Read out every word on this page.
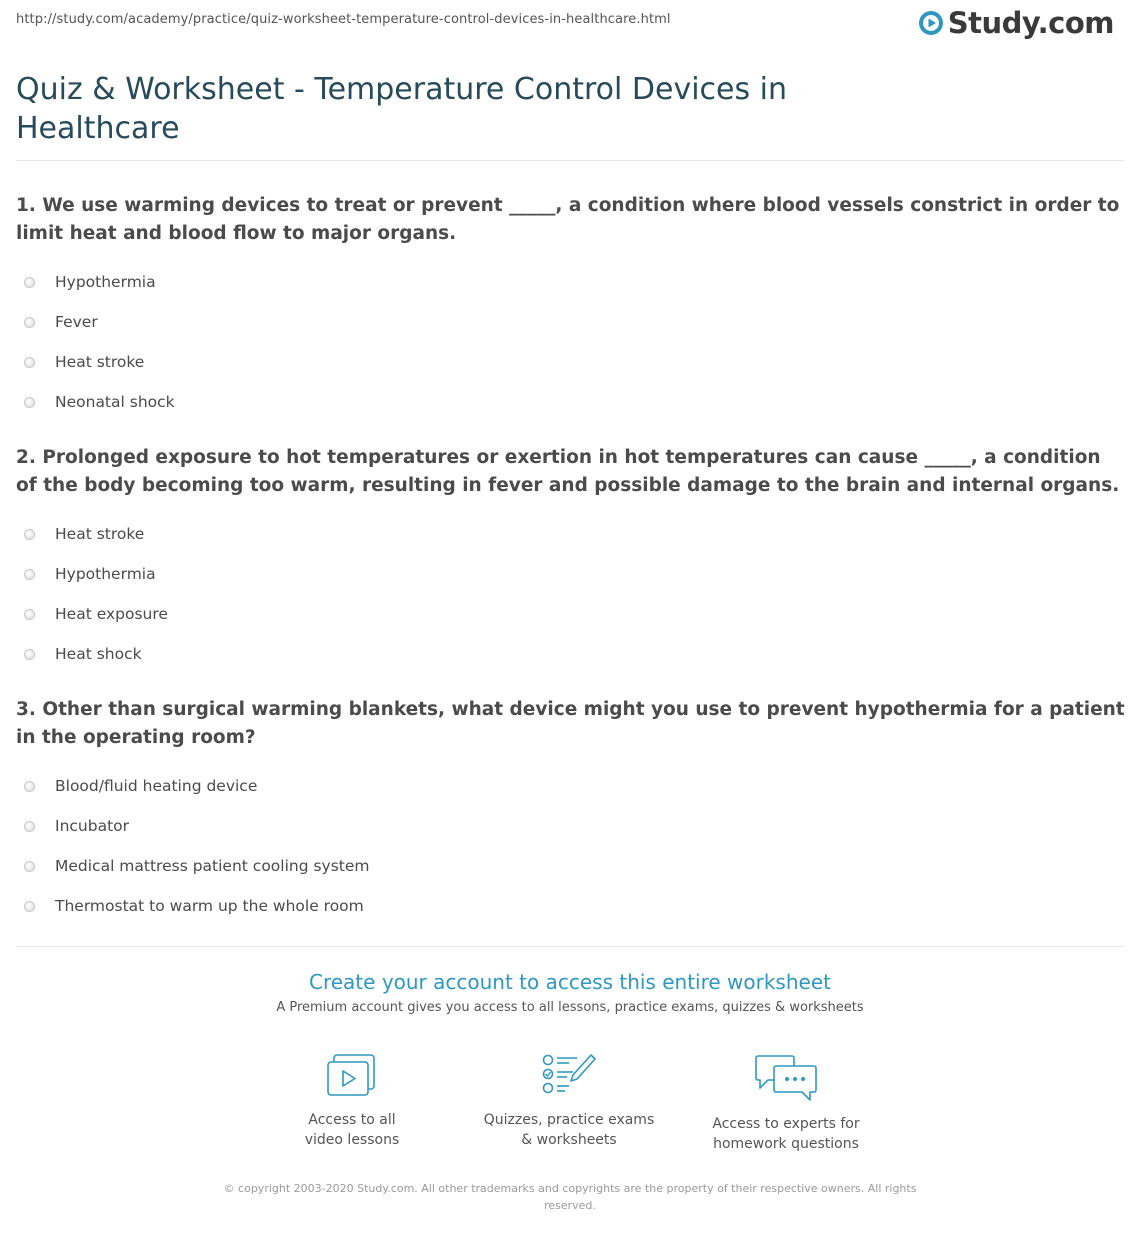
http://study.com/academy/practice/quiz-worksheet-temperature-control-devices-in-healthcare.html	Study.com
Quiz & Worksheet - Temperature Control Devices in Healthcare
1. We use warming devices to treat or prevent _____, a condition where blood vessels constrict in order to limit heat and blood flow to major organs.
Hypothermia
Fever
Heat stroke
Neonatal shock
2. Prolonged exposure to hot temperatures or exertion in hot temperatures can cause _____, a condition of the body becoming too warm, resulting in fever and possible damage to the brain and internal organs.
Heat stroke
Hypothermia
Heat exposure
Heat shock
3. Other than surgical warming blankets, what device might you use to prevent hypothermia for a patient in the operating room?
Blood/fluid heating device
Incubator
Medical mattress patient cooling system
Thermostat to warm up the whole room
Create your account to access this entire worksheet
A Premium account gives you access to all lessons, practice exams, quizzes & worksheets
Access to all
video lessons
Quizzes, practice exams
& worksheets
Access to experts for
homework questions
© copyright 2003-2020 Study.com. All other trademarks and copyrights are the property of their respective owners. All rights reserved.
